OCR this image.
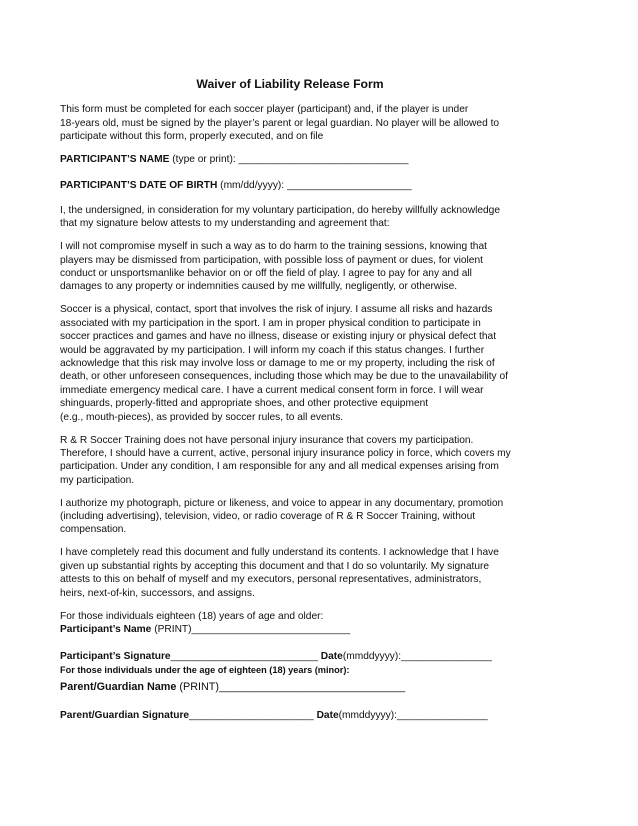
Waiver of Liability Release Form

This form must be completed for each soccer player (participant) and, if the player is under
18-years old, must be signed by the player’s parent or legal guardian. No player will be allowed to
participate without this form, properly executed, and on file

PARTICIPANT’S NAME (type or print): ______________________________

PARTICIPANT’S DATE OF BIRTH (mm/dd/yyyy): ______________________

I, the undersigned, in consideration for my voluntary participation, do hereby willfully acknowledge
that my signature below attests to my understanding and agreement that:

I will not compromise myself in such a way as to do harm to the training sessions, knowing that
players may be dismissed from participation, with possible loss of payment or dues, for violent
conduct or unsportsmanlike behavior on or off the field of play. I agree to pay for any and all
damages to any property or indemnities caused by me willfully, negligently, or otherwise.

Soccer is a physical, contact, sport that involves the risk of injury. I assume all risks and hazards
associated with my participation in the sport. I am in proper physical condition to participate in
soccer practices and games and have no illness, disease or existing injury or physical defect that
would be aggravated by my participation. I will inform my coach if this status changes. I further
acknowledge that this risk may involve loss or damage to me or my property, including the risk of
death, or other unforeseen consequences, including those which may be due to the unavailability of
immediate emergency medical care. I have a current medical consent form in force. I will wear
shinguards, properly-fitted and appropriate shoes, and other protective equipment
(e.g., mouth-pieces), as provided by soccer rules, to all events.

R & R Soccer Training does not have personal injury insurance that covers my participation.
Therefore, I should have a current, active, personal injury insurance policy in force, which covers my
participation. Under any condition, I am responsible for any and all medical expenses arising from
my participation.

I authorize my photograph, picture or likeness, and voice to appear in any documentary, promotion
(including advertising), television, video, or radio coverage of R & R Soccer Training, without
compensation.

I have completely read this document and fully understand its contents. I acknowledge that I have
given up substantial rights by accepting this document and that I do so voluntarily. My signature
attests to this on behalf of myself and my executors, personal representatives, administrators,
heirs, next-of-kin, successors, and assigns.

For those individuals eighteen (18) years of age and older:

Participant’s Name (PRINT)____________________________

Participant’s Signature__________________________ Date(mmddyyyy):________________

For those individuals under the age of eighteen (18) years (minor):

Parent/Guardian Name (PRINT)_______________________________

Parent/Guardian Signature______________________ Date(mmddyyyy):________________
